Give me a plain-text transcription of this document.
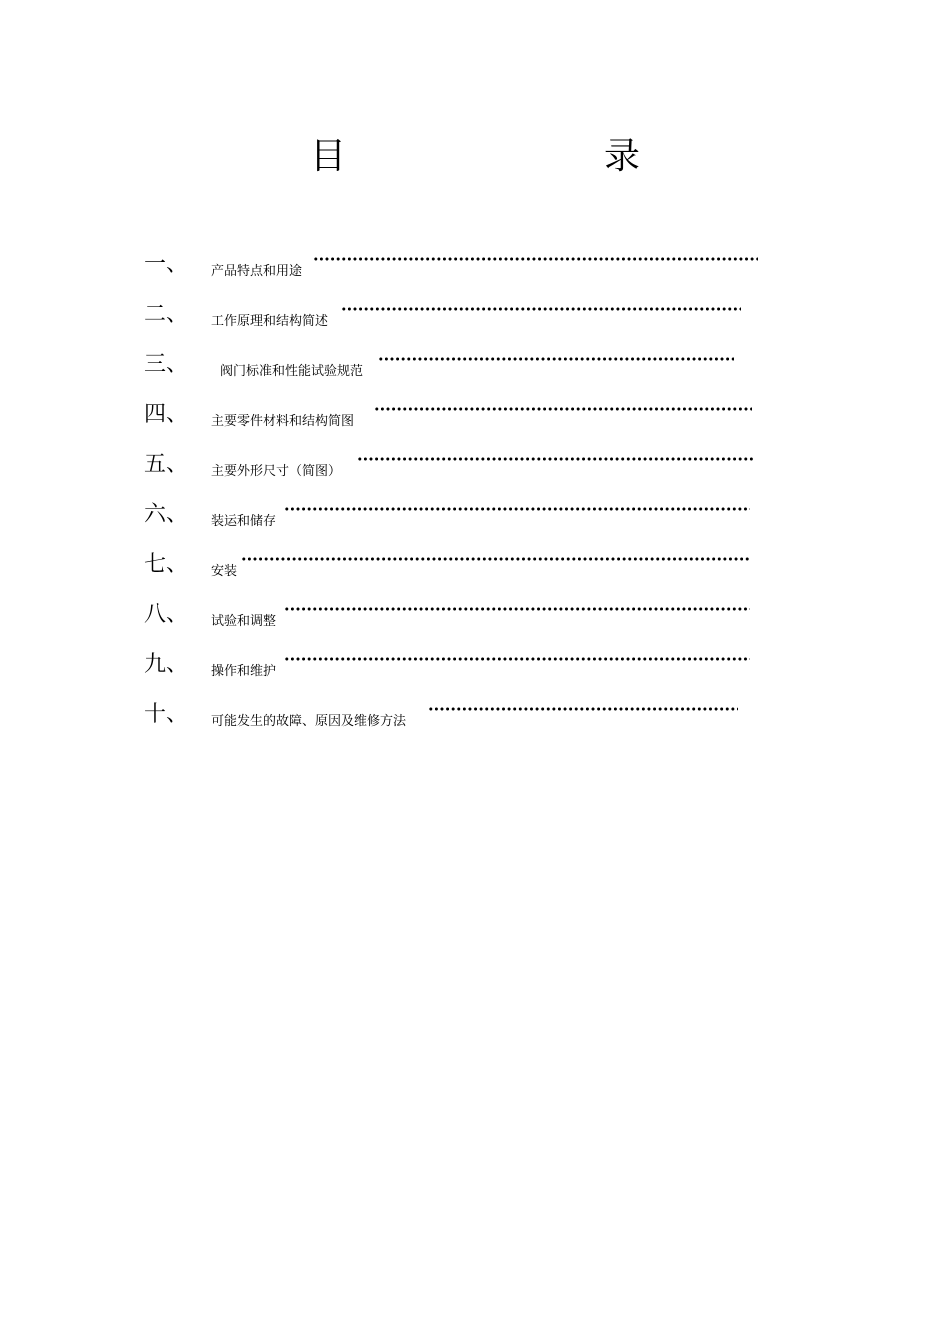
目　　录
一、 产品特点和用途
二、 工作原理和结构简述
三、 阀门标准和性能试验规范
四、 主要零件材料和结构简图
五、 主要外形尺寸（简图）
六、 装运和储存
七、 安装
八、 试验和调整
九、 操作和维护
十、 可能发生的故障、原因及维修方法
